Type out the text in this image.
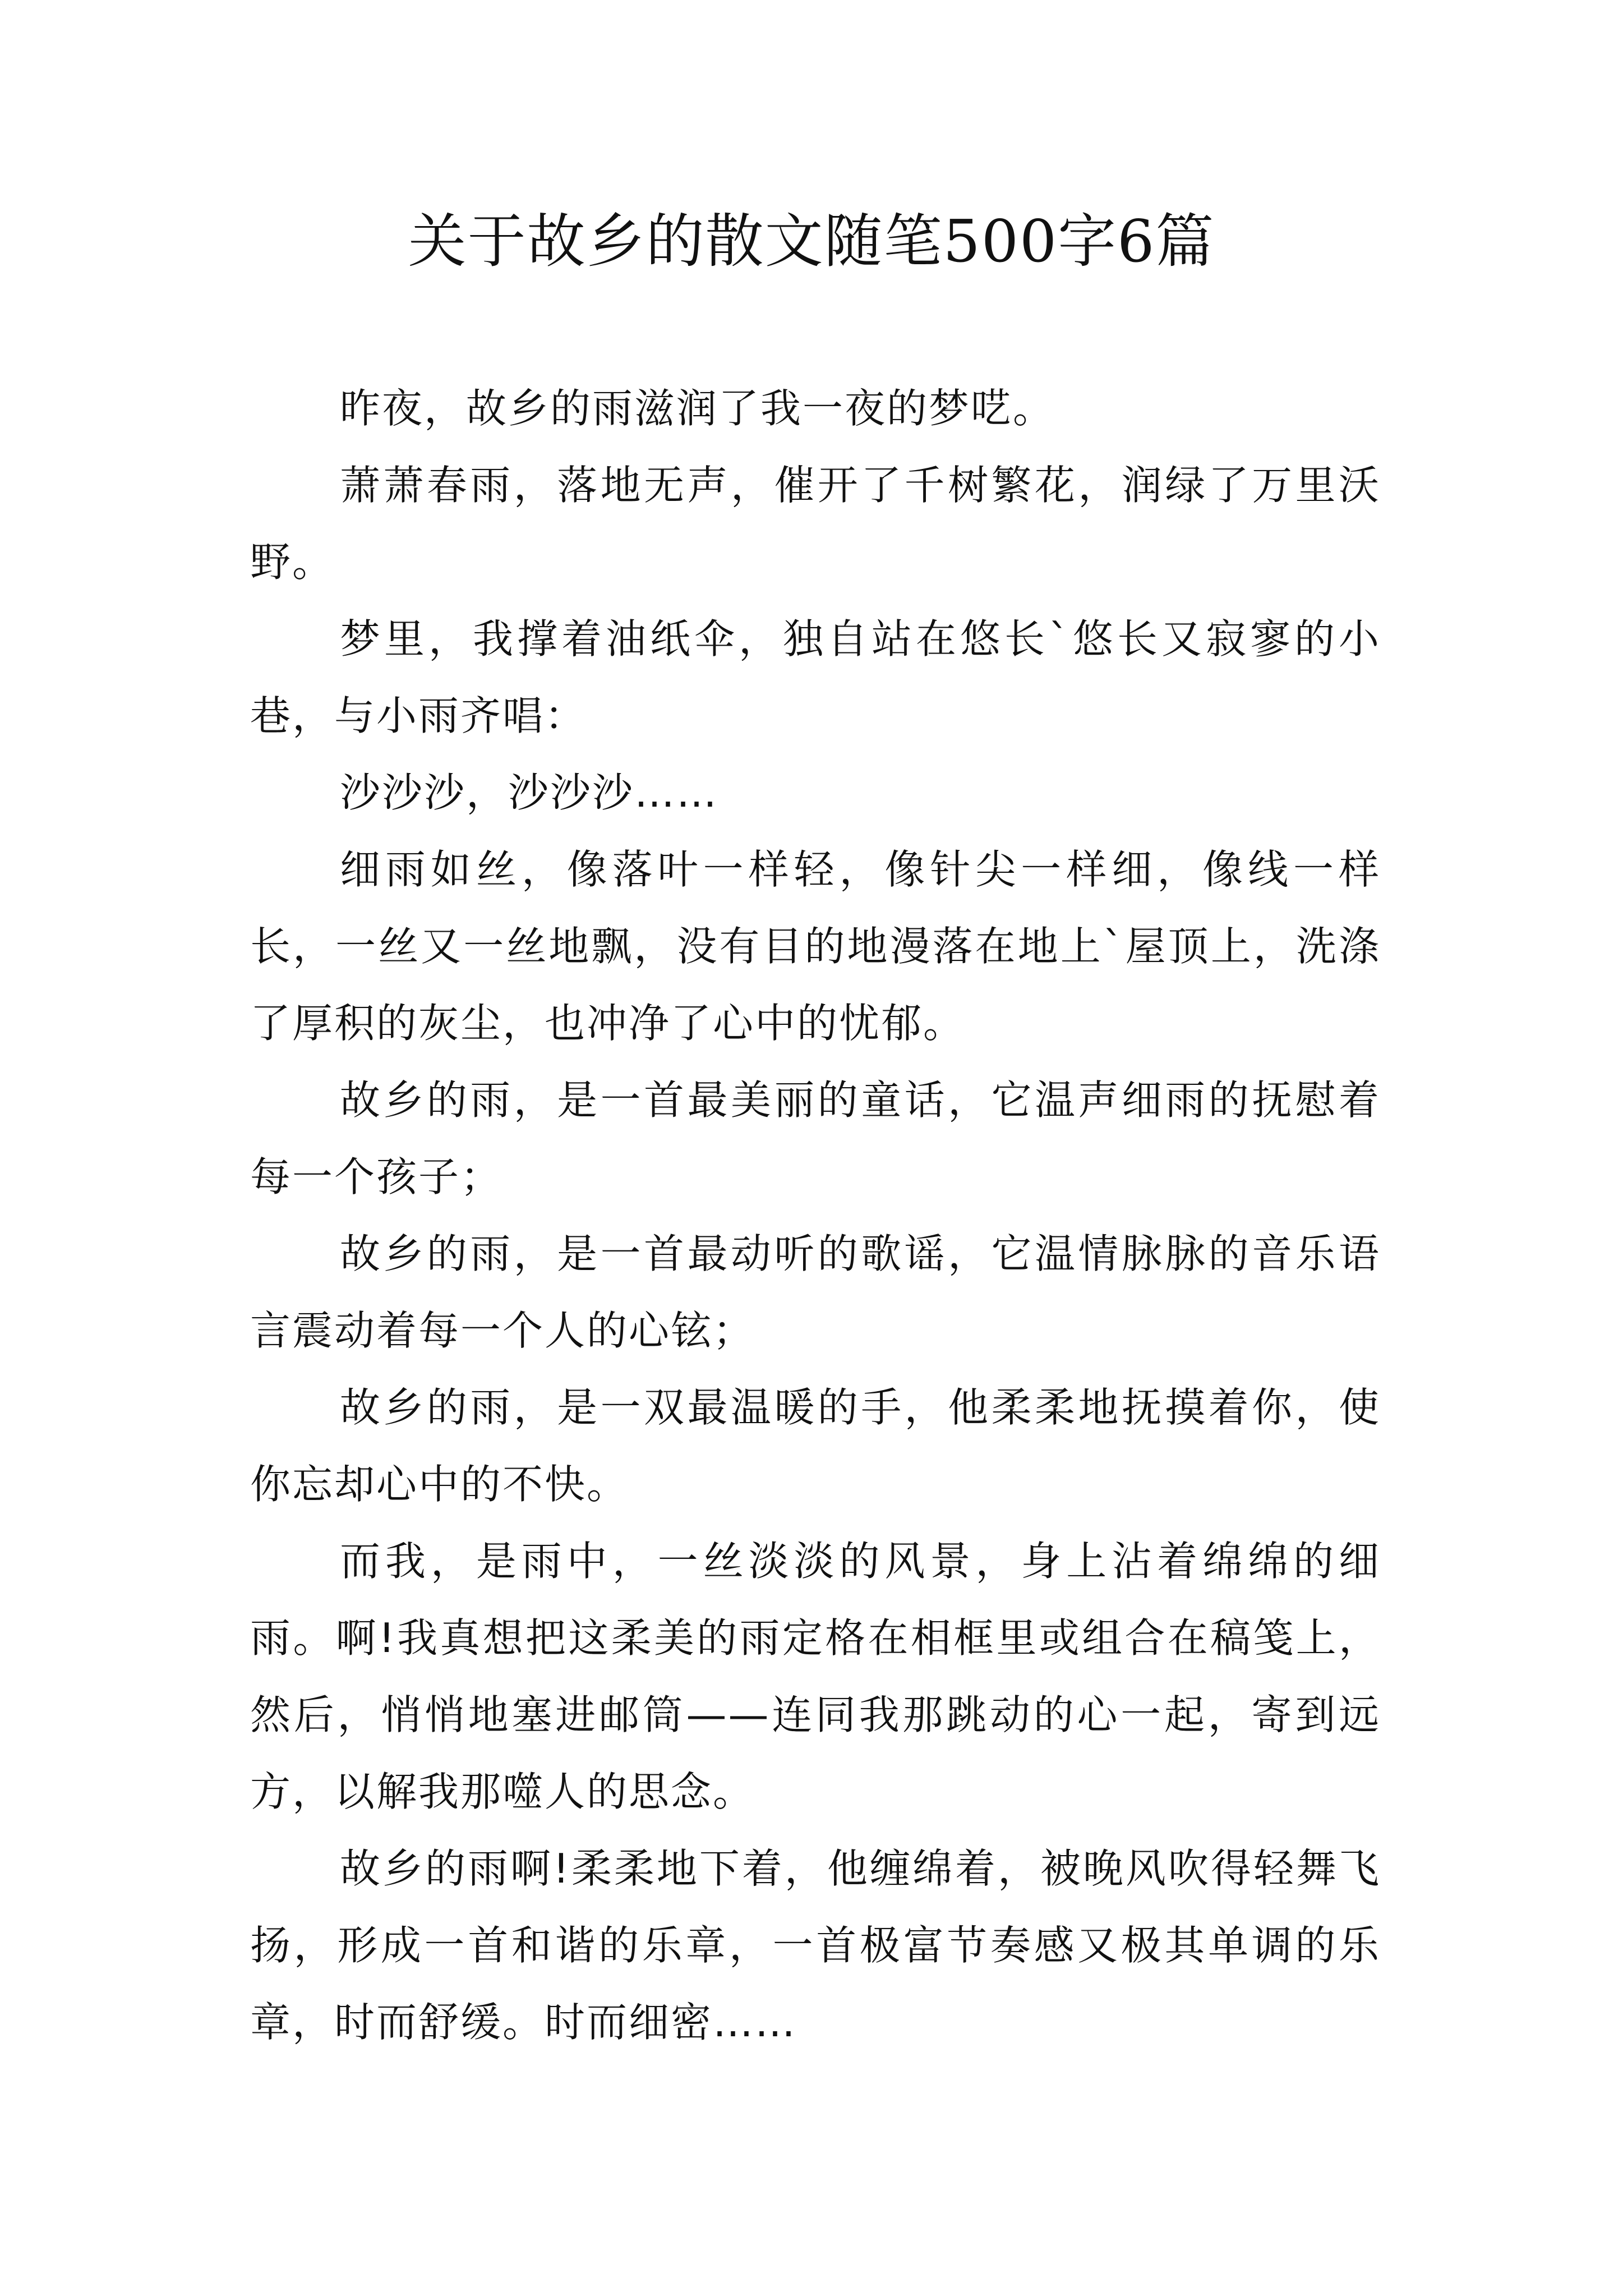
关于故乡的散文随笔500字6篇

昨夜，故乡的雨滋润了我一夜的梦呓。

萧萧春雨，落地无声，催开了千树繁花，润绿了万里沃野。

梦里，我撑着油纸伞，独自站在悠长`悠长又寂寥的小巷，与小雨齐唱：

沙沙沙，沙沙沙……

细雨如丝，像落叶一样轻，像针尖一样细，像线一样长，一丝又一丝地飘，没有目的地漫落在地上`屋顶上，洗涤了厚积的灰尘，也冲净了心中的忧郁。

故乡的雨，是一首最美丽的童话，它温声细雨的抚慰着每一个孩子；

故乡的雨，是一首最动听的歌谣，它温情脉脉的音乐语言震动着每一个人的心铉；

故乡的雨，是一双最温暖的手，他柔柔地抚摸着你，使你忘却心中的不快。

而我，是雨中，一丝淡淡的风景，身上沾着绵绵的细雨。啊!我真想把这柔美的雨定格在相框里或组合在稿笺上，然后，悄悄地塞进邮筒——连同我那跳动的心一起，寄到远方，以解我那噬人的思念。

故乡的雨啊!柔柔地下着，他缠绵着，被晚风吹得轻舞飞扬，形成一首和谐的乐章，一首极富节奏感又极其单调的乐章，时而舒缓。时而细密……
